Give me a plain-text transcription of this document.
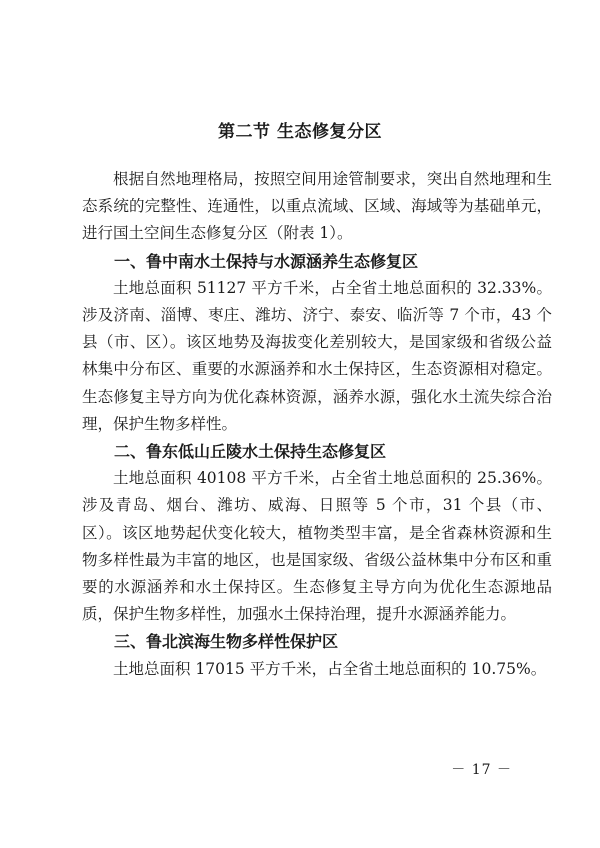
第二节 生态修复分区

根据自然地理格局，按照空间用途管制要求，突出自然地理和生态系统的完整性、连通性，以重点流域、区域、海域等为基础单元，进行国土空间生态修复分区（附表 1）。

一、鲁中南水土保持与水源涵养生态修复区

土地总面积 51127 平方千米，占全省土地总面积的 32.33%。涉及济南、淄博、枣庄、潍坊、济宁、泰安、临沂等 7 个市，43 个县（市、区）。该区地势及海拔变化差别较大，是国家级和省级公益林集中分布区、重要的水源涵养和水土保持区，生态资源相对稳定。生态修复主导方向为优化森林资源，涵养水源，强化水土流失综合治理，保护生物多样性。

二、鲁东低山丘陵水土保持生态修复区

土地总面积 40108 平方千米，占全省土地总面积的 25.36%。涉及青岛、烟台、潍坊、威海、日照等 5 个市，31 个县（市、区）。该区地势起伏变化较大，植物类型丰富，是全省森林资源和生物多样性最为丰富的地区，也是国家级、省级公益林集中分布区和重要的水源涵养和水土保持区。生态修复主导方向为优化生态源地品质，保护生物多样性，加强水土保持治理，提升水源涵养能力。

三、鲁北滨海生物多样性保护区

土地总面积 17015 平方千米，占全省土地总面积的 10.75%。

－ 17 －
